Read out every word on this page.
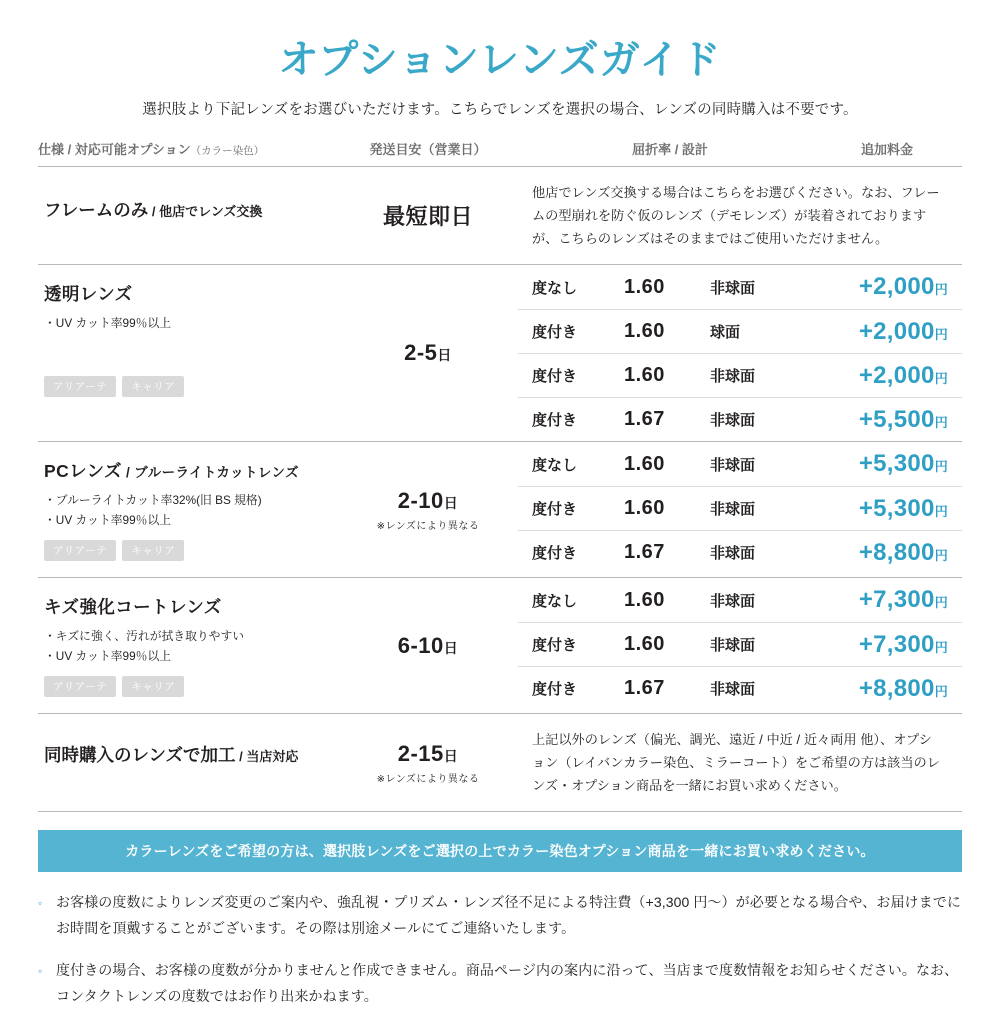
オプションレンズガイド
選択肢より下記レンズをお選びいただけます。こちらでレンズを選択の場合、レンズの同時購入は不要です。
仕様 / 対応可能オプション（カラー染色）	発送目安（営業日）	屈折率 / 設計	追加料金
フレームのみ / 他店でレンズ交換	最短即日
他店でレンズ交換する場合はこちらをお選びください。なお、フレームの型崩れを防ぐ仮のレンズ（デモレンズ）が装着されておりますが、こちらのレンズはそのままではご使用いただけません。
透明レンズ
・UV カット率99％以上
アリアーテ	キャリア
2-5日
度なし	1.60	非球面	+2,000円
度付き	1.60	球面	+2,000円
度付き	1.60	非球面	+2,000円
度付き	1.67	非球面	+5,500円
PCレンズ / ブルーライトカットレンズ
・ブルーライトカット率32%(旧 BS 規格)
・UV カット率99％以上
アリアーテ	キャリア
2-10日
※レンズにより異なる
度なし	1.60	非球面	+5,300円
度付き	1.60	非球面	+5,300円
度付き	1.67	非球面	+8,800円
キズ強化コートレンズ
・キズに強く、汚れが拭き取りやすい
・UV カット率99％以上
アリアーテ	キャリア
6-10日
度なし	1.60	非球面	+7,300円
度付き	1.60	非球面	+7,300円
度付き	1.67	非球面	+8,800円
同時購入のレンズで加工 / 当店対応	2-15日
※レンズにより異なる
上記以外のレンズ（偏光、調光、遠近 / 中近 / 近々両用 他）、オプション（レイバンカラー染色、ミラーコート）をご希望の方は該当のレンズ・オプション商品を一緒にお買い求めください。
カラーレンズをご希望の方は、選択肢レンズをご選択の上でカラー染色オプション商品を一緒にお買い求めください。
◦ お客様の度数によりレンズ変更のご案内や、強乱視・プリズム・レンズ径不足による特注費（+3,300 円〜）が必要となる場合や、お届けまでにお時間を頂戴することがございます。その際は別途メールにてご連絡いたします。
◦ 度付きの場合、お客様の度数が分かりませんと作成できません。商品ページ内の案内に沿って、当店まで度数情報をお知らせください。なお、コンタクトレンズの度数ではお作り出来かねます。
